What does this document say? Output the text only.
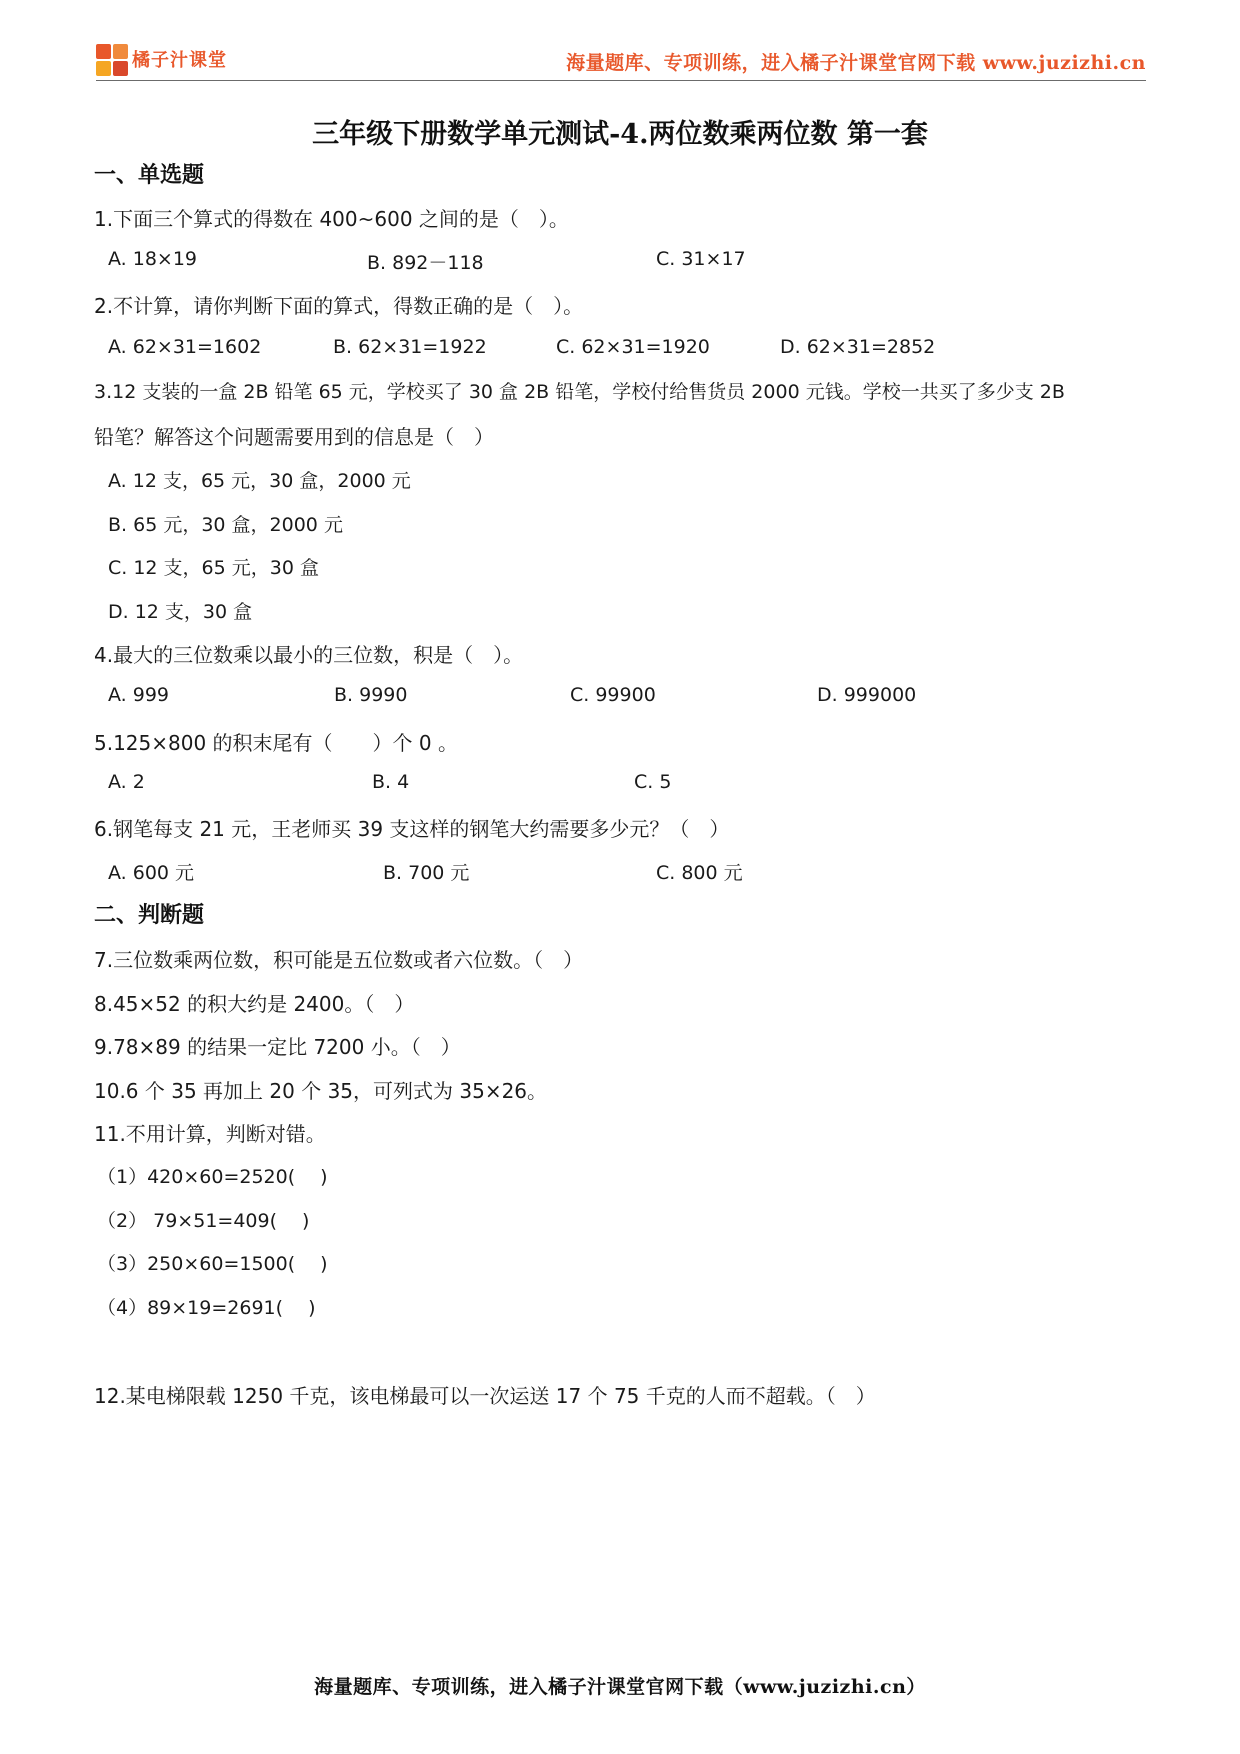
橘子汁课堂	海量题库、专项训练，进入橘子汁课堂官网下载 www.juzizhi.cn
三年级下册数学单元测试-4.两位数乘两位数 第一套
一、单选题
1.下面三个算式的得数在 400~600 之间的是（　）。
A. 18×19	B. 892－118	C. 31×17
2.不计算，请你判断下面的算式，得数正确的是（　）。
A. 62×31=1602	B. 62×31=1922	C. 62×31=1920	D. 62×31=2852
3.12 支装的一盒 2B 铅笔 65 元，学校买了 30 盒 2B 铅笔，学校付给售货员 2000 元钱。学校一共买了多少支 2B
铅笔？解答这个问题需要用到的信息是（　）
A. 12 支，65 元，30 盒，2000 元
B. 65 元，30 盒，2000 元
C. 12 支，65 元，30 盒
D. 12 支，30 盒
4.最大的三位数乘以最小的三位数，积是（　）。
A. 999	B. 9990	C. 99900	D. 999000
5.125×800 的积末尾有（　　）个 0 。
A. 2	B. 4	C. 5
6.钢笔每支 21 元，王老师买 39 支这样的钢笔大约需要多少元？（　）
A. 600 元	B. 700 元	C. 800 元
二、判断题
7.三位数乘两位数，积可能是五位数或者六位数。（　）
8.45×52 的积大约是 2400。（　）
9.78×89 的结果一定比 7200 小。（　）
10.6 个 35 再加上 20 个 35，可列式为 35×26。
11.不用计算，判断对错。
（1）420×60=2520(　 )
（2） 79×51=409(　 )
（3）250×60=1500(　 )
（4）89×19=2691(　 )
12.某电梯限载 1250 千克，该电梯最可以一次运送 17 个 75 千克的人而不超载。（　）
海量题库、专项训练，进入橘子汁课堂官网下载（www.juzizhi.cn）
